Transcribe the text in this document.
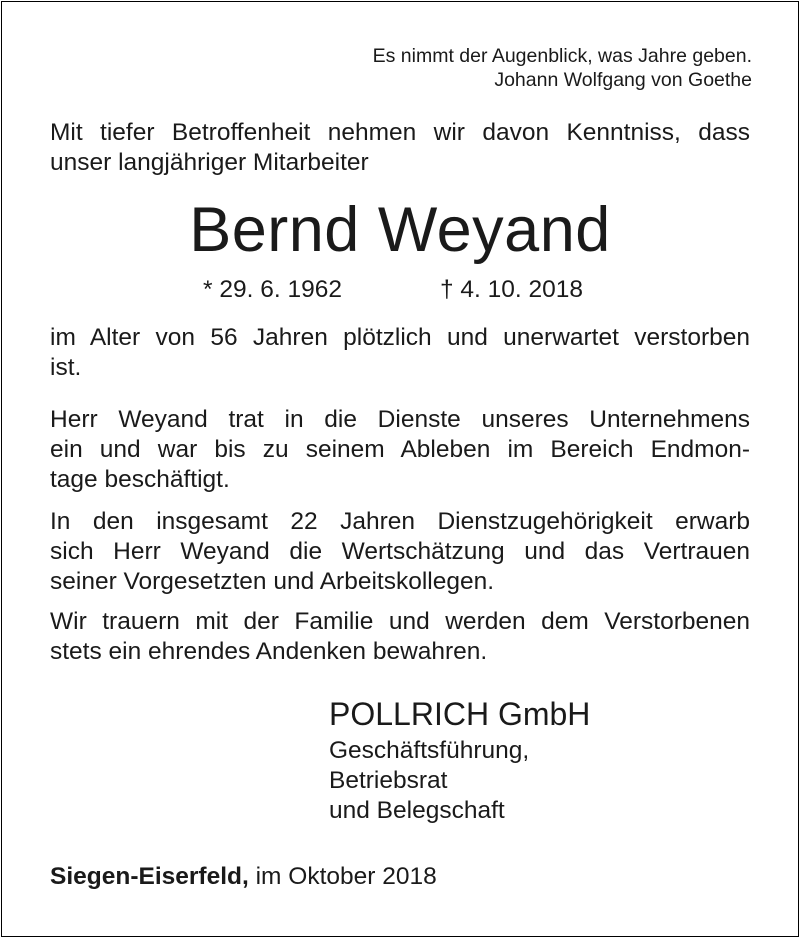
Es nimmt der Augenblick, was Jahre geben.
Johann Wolfgang von Goethe
Mit tiefer Betroffenheit nehmen wir davon Kenntniss, dass
unser langjähriger Mitarbeiter
Bernd Weyand
* 29. 6. 1962	† 4. 10. 2018
im Alter von 56 Jahren plötzlich und unerwartet verstorben
ist.
Herr Weyand trat in die Dienste unseres Unternehmens
ein und war bis zu seinem Ableben im Bereich Endmon-
tage beschäftigt.
In den insgesamt 22 Jahren Dienstzugehörigkeit erwarb
sich Herr Weyand die Wertschätzung und das Vertrauen
seiner Vorgesetzten und Arbeitskollegen.
Wir trauern mit der Familie und werden dem Verstorbenen
stets ein ehrendes Andenken bewahren.
POLLRICH GmbH
Geschäftsführung,
Betriebsrat
und Belegschaft
Siegen-Eiserfeld, im Oktober 2018
